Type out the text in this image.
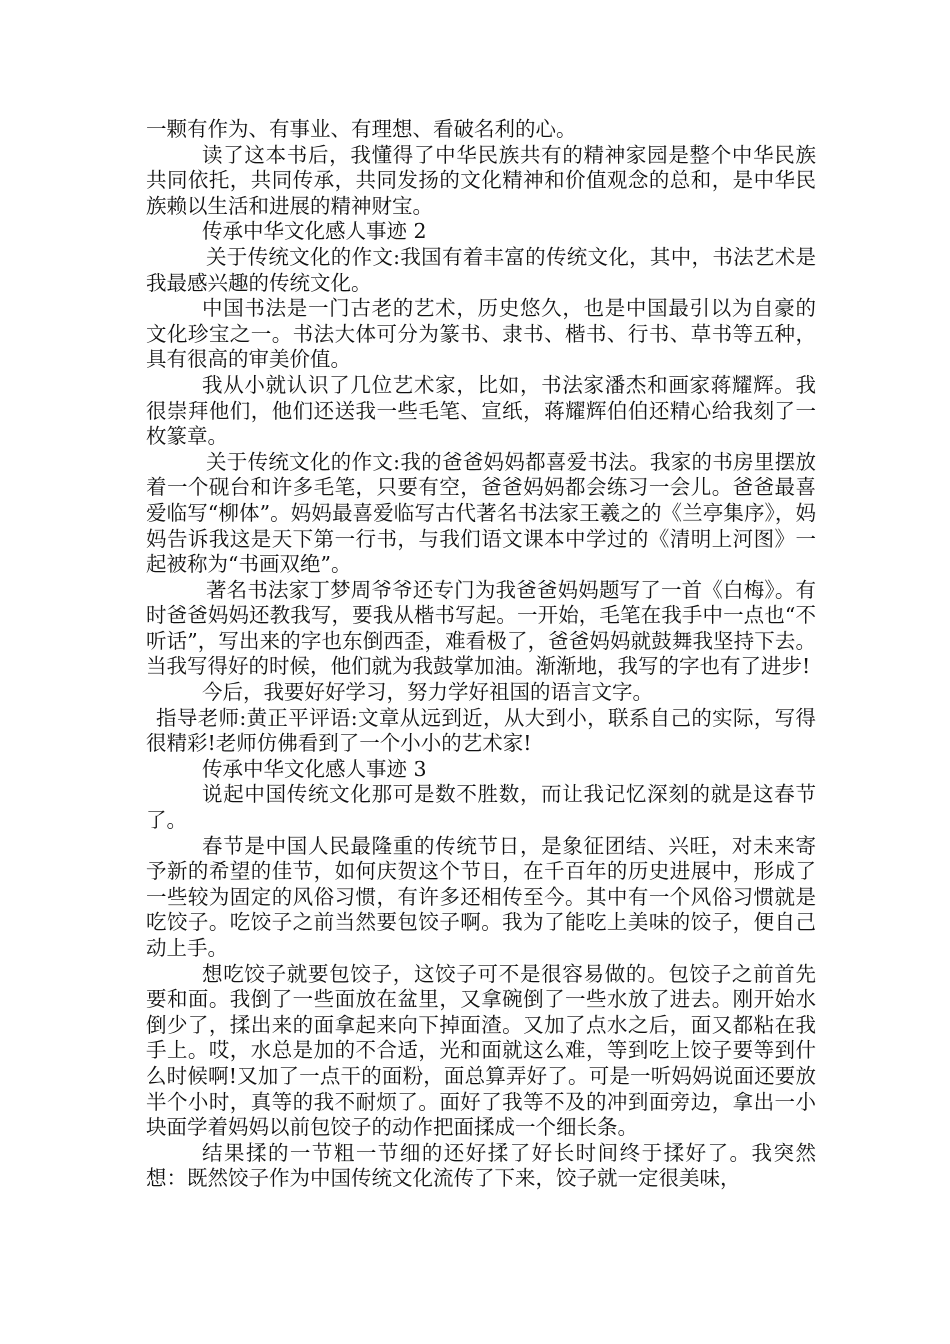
一颗有作为、有事业、有理想、看破名利的心。

读了这本书后，我懂得了中华民族共有的精神家园是整个中华民族共同依托，共同传承，共同发扬的文化精神和价值观念的总和，是中华民族赖以生活和进展的精神财宝。

传承中华文化感人事迹 2

关于传统文化的作文:我国有着丰富的传统文化，其中，书法艺术是我最感兴趣的传统文化。

中国书法是一门古老的艺术，历史悠久，也是中国最引以为自豪的文化珍宝之一。书法大体可分为篆书、隶书、楷书、行书、草书等五种，具有很高的审美价值。

我从小就认识了几位艺术家，比如，书法家潘杰和画家蒋耀辉。我很崇拜他们，他们还送我一些毛笔、宣纸，蒋耀辉伯伯还精心给我刻了一枚篆章。

关于传统文化的作文:我的爸爸妈妈都喜爱书法。我家的书房里摆放着一个砚台和许多毛笔，只要有空，爸爸妈妈都会练习一会儿。爸爸最喜爱临写“柳体”。妈妈最喜爱临写古代著名书法家王羲之的《兰亭集序》，妈妈告诉我这是天下第一行书，与我们语文课本中学过的《清明上河图》一起被称为“书画双绝”。

著名书法家丁梦周爷爷还专门为我爸爸妈妈题写了一首《白梅》。有时爸爸妈妈还教我写，要我从楷书写起。一开始，毛笔在我手中一点也“不听话”，写出来的字也东倒西歪，难看极了，爸爸妈妈就鼓舞我坚持下去。当我写得好的时候，他们就为我鼓掌加油。渐渐地，我写的字也有了进步!

今后，我要好好学习，努力学好祖国的语言文字。

指导老师:黄正平评语:文章从远到近，从大到小，联系自己的实际，写得很精彩!老师仿佛看到了一个小小的艺术家!

传承中华文化感人事迹 3

说起中国传统文化那可是数不胜数，而让我记忆深刻的就是这春节了。

春节是中国人民最隆重的传统节日，是象征团结、兴旺，对未来寄予新的希望的佳节，如何庆贺这个节日，在千百年的历史进展中，形成了一些较为固定的风俗习惯，有许多还相传至今。其中有一个风俗习惯就是吃饺子。吃饺子之前当然要包饺子啊。我为了能吃上美味的饺子，便自己动上手。

想吃饺子就要包饺子，这饺子可不是很容易做的。包饺子之前首先要和面。我倒了一些面放在盆里，又拿碗倒了一些水放了进去。刚开始水倒少了，揉出来的面拿起来向下掉面渣。又加了点水之后，面又都粘在我手上。哎，水总是加的不合适，光和面就这么难，等到吃上饺子要等到什么时候啊!又加了一点干的面粉，面总算弄好了。可是一听妈妈说面还要放半个小时，真等的我不耐烦了。面好了我等不及的冲到面旁边，拿出一小块面学着妈妈以前包饺子的动作把面揉成一个细长条。

结果揉的一节粗一节细的还好揉了好长时间终于揉好了。我突然想：既然饺子作为中国传统文化流传了下来，饺子就一定很美味，
